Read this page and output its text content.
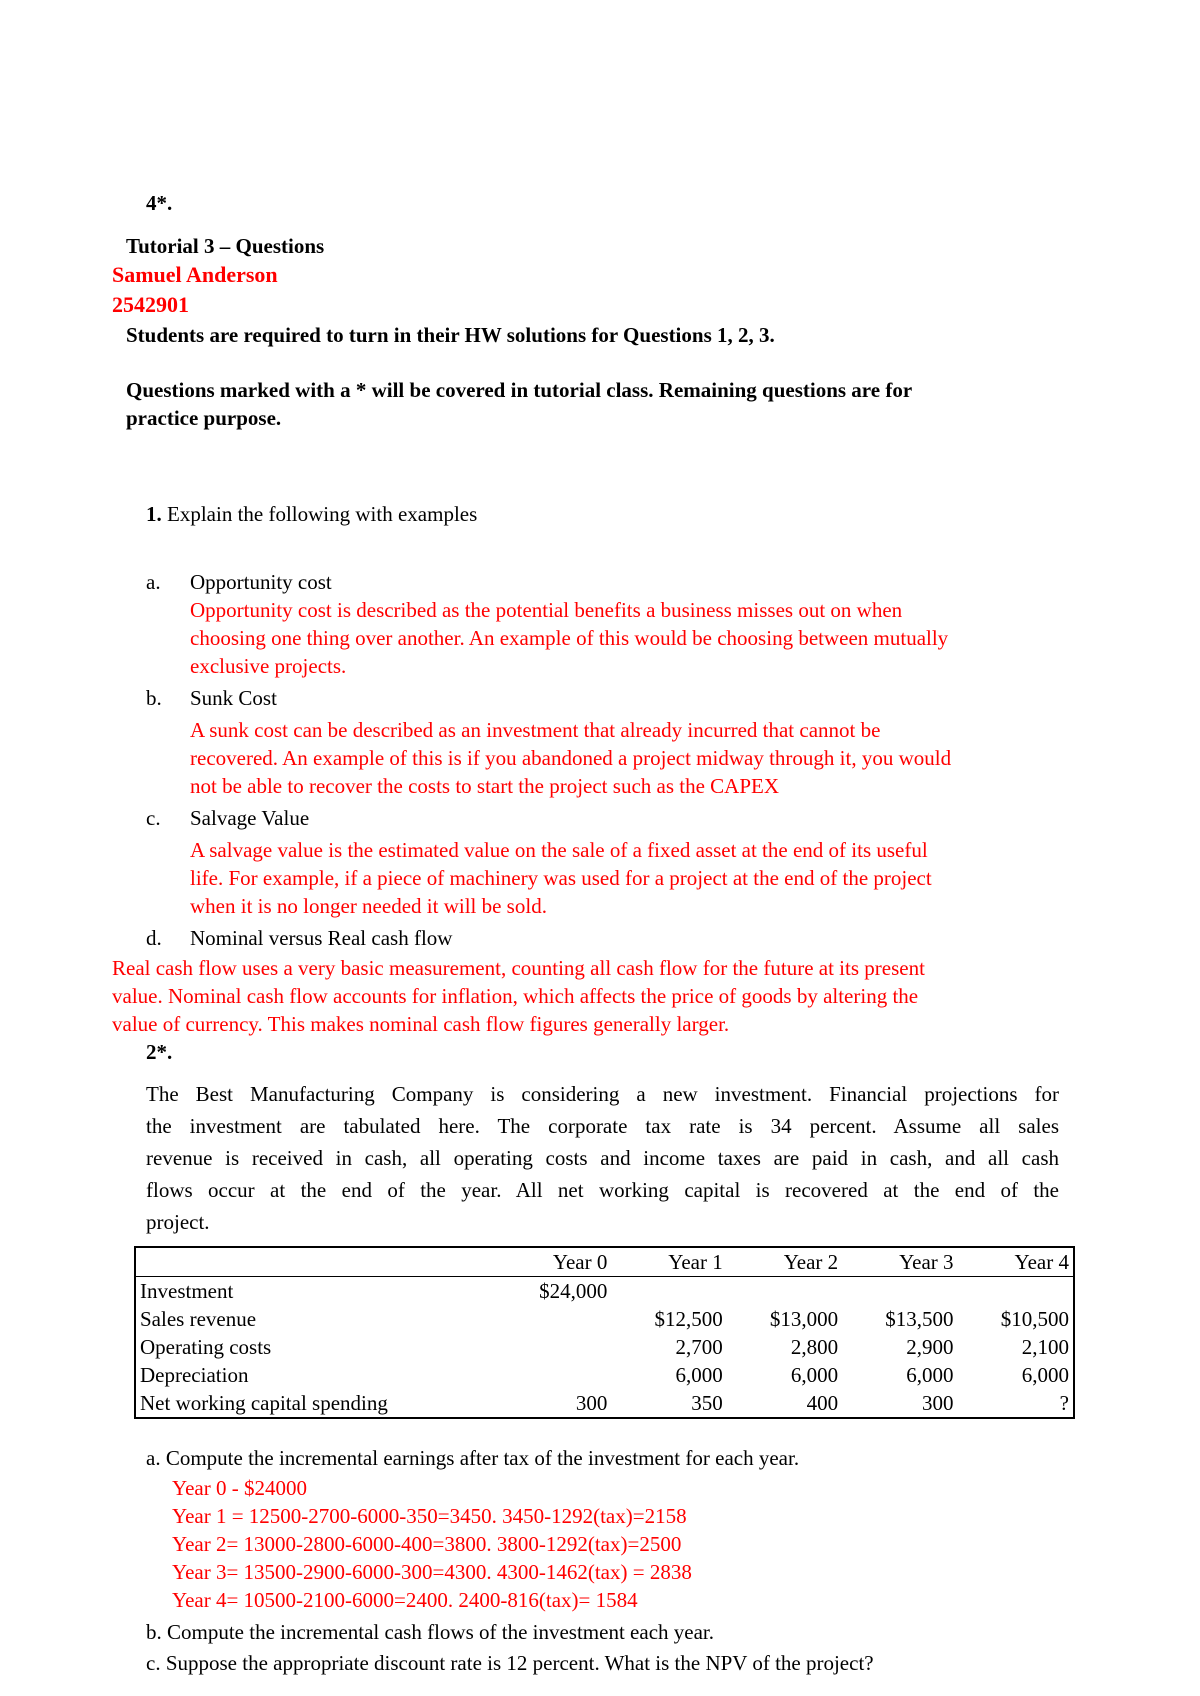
4*.
Tutorial 3 – Questions
Samuel Anderson
2542901
Students are required to turn in their HW solutions for Questions 1, 2, 3.
Questions marked with a * will be covered in tutorial class. Remaining questions are for
practice purpose.
1. Explain the following with examples
a. Opportunity cost
Opportunity cost is described as the potential benefits a business misses out on when
choosing one thing over another. An example of this would be choosing between mutually
exclusive projects.
b. Sunk Cost
A sunk cost can be described as an investment that already incurred that cannot be
recovered. An example of this is if you abandoned a project midway through it, you would
not be able to recover the costs to start the project such as the CAPEX
c. Salvage Value
A salvage value is the estimated value on the sale of a fixed asset at the end of its useful
life. For example, if a piece of machinery was used for a project at the end of the project
when it is no longer needed it will be sold.
d. Nominal versus Real cash flow
Real cash flow uses a very basic measurement, counting all cash flow for the future at its present
value. Nominal cash flow accounts for inflation, which affects the price of goods by altering the
value of currency. This makes nominal cash flow figures generally larger.
2*.
The Best Manufacturing Company is considering a new investment. Financial projections for
the investment are tabulated here. The corporate tax rate is 34 percent. Assume all sales
revenue is received in cash, all operating costs and income taxes are paid in cash, and all cash
flows occur at the end of the year. All net working capital is recovered at the end of the
project.
	Year 0	Year 1	Year 2	Year 3	Year 4
Investment	$24,000				
Sales revenue		$12,500	$13,000	$13,500	$10,500
Operating costs		2,700	2,800	2,900	2,100
Depreciation		6,000	6,000	6,000	6,000
Net working capital spending	300	350	400	300	?
a. Compute the incremental earnings after tax of the investment for each year.
Year 0 - $24000
Year 1 = 12500-2700-6000-350=3450. 3450-1292(tax)=2158
Year 2= 13000-2800-6000-400=3800. 3800-1292(tax)=2500
Year 3= 13500-2900-6000-300=4300. 4300-1462(tax) = 2838
Year 4= 10500-2100-6000=2400. 2400-816(tax)= 1584
b. Compute the incremental cash flows of the investment each year.
c. Suppose the appropriate discount rate is 12 percent. What is the NPV of the project?
